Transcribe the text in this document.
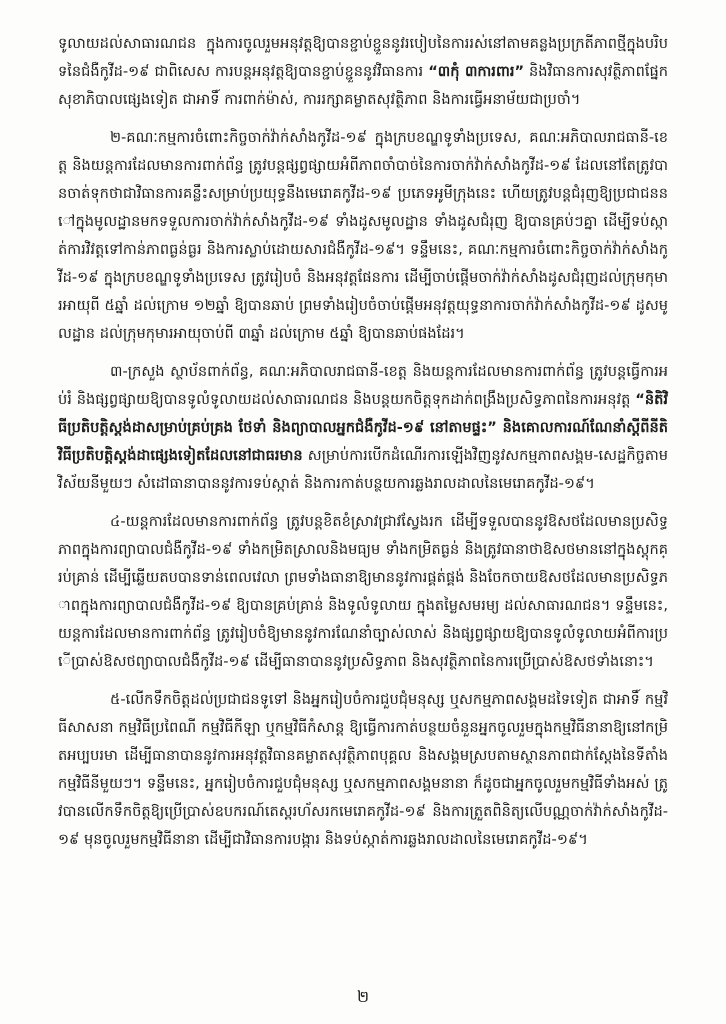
ទូលាយដល់សាធារណជន ក្នុងការចូលរួមអនុវត្តឱ្យបានខ្ជាប់ខ្ជួននូវរបៀបនៃការរស់នៅតាមគន្លងប្រក្រតីភាពថ្មីក្នុងបរិបទនៃជំងឺកូវីដ-១៩ ជាពិសេស ការបន្តអនុវត្តឱ្យបានខ្ជាប់ខ្ជួននូវវិធានការ “៣កុំ ៣ការពារ” និងវិធានការសុវត្ថិភាពផ្នែកសុខាភិបាលផ្សេងទៀត ជាអាទិ៍ ការពាក់ម៉ាស់, ការរក្សាគម្លាតសុវត្ថិភាព និងការធ្វើអនាម័យជាប្រចាំ។

២-គណៈកម្មការចំពោះកិច្ចចាក់វ៉ាក់សាំងកូវីដ-១៩ ក្នុងក្របខណ្ឌទូទាំងប្រទេស, គណៈអភិបាលរាជធានី-ខេត្ត និងយន្តការដែលមានការពាក់ព័ន្ធ ត្រូវបន្តផ្សព្វផ្សាយអំពីភាពចាំបាច់នៃការចាក់វ៉ាក់សាំងកូវីដ-១៩ ដែលនៅតែត្រូវបានចាត់ទុកថាជាវិធានការគន្លឹះសម្រាប់ប្រយុទ្ធនឹងមេរោគកូវីដ-១៩ ប្រភេទអូមីក្រុងនេះ ហើយត្រូវបន្តជំរុញឱ្យប្រជាជននៅក្នុងមូលដ្ឋានមកទទួលការចាក់វ៉ាក់សាំងកូវីដ-១៩ ទាំងដូសមូលដ្ឋាន ទាំងដូសជំរុញ ឱ្យបានគ្រប់ៗគ្នា ដើម្បីទប់ស្កាត់ការវិវត្តទៅកាន់ភាពធ្ងន់ធ្ងរ និងការស្លាប់ដោយសារជំងឺកូវីដ-១៩។ ទន្ទឹមនេះ, គណៈកម្មការចំពោះកិច្ចចាក់វ៉ាក់សាំងកូវីដ-១៩ ក្នុងក្របខណ្ឌទូទាំងប្រទេស ត្រូវរៀបចំ និងអនុវត្តផែនការ ដើម្បីចាប់ផ្ដើមចាក់វ៉ាក់សាំងដូសជំរុញដល់ក្រុមកុមារអាយុពី ៥ឆ្នាំ ដល់ក្រោម ១២ឆ្នាំ ឱ្យបានឆាប់ ព្រមទាំងរៀបចំចាប់ផ្ដើមអនុវត្តយុទ្ធនាការចាក់វ៉ាក់សាំងកូវីដ-១៩ ដូសមូលដ្ឋាន ដល់ក្រុមកុមារអាយុចាប់ពី ៣ឆ្នាំ ដល់ក្រោម ៥ឆ្នាំ ឱ្យបានឆាប់ផងដែរ។

៣-ក្រសួង ស្ថាប័នពាក់ព័ន្ធ, គណៈអភិបាលរាជធានី-ខេត្ត និងយន្តការដែលមានការពាក់ព័ន្ធ ត្រូវបន្តធ្វើការអប់រំ និងផ្សព្វផ្សាយឱ្យបានទូលំទូលាយដល់សាធារណជន និងបន្តយកចិត្តទុកដាក់ពង្រឹងប្រសិទ្ធភាពនៃការអនុវត្ត “និតិវិធីប្រតិបត្តិស្ដង់ដាសម្រាប់គ្រប់គ្រង ថែទាំ និងព្យាបាលអ្នកជំងឺកូវីដ-១៩ នៅតាមផ្ទះ” និងគោលការណ៍ណែនាំស្ដីពីនីតិវិធីប្រតិបត្តិស្ដង់ដាផ្សេងទៀតដែលនៅជាធរមាន សម្រាប់ការបើកដំណើរការឡើងវិញនូវសកម្មភាពសង្គម-សេដ្ឋកិច្ចតាមវិស័យនីមួយៗ សំដៅធានាបាននូវការទប់ស្កាត់ និងការកាត់បន្ថយការឆ្លងរាលដាលនៃមេរោគកូវីដ-១៩។

៤-យន្តការដែលមានការពាក់ព័ន្ធ ត្រូវបន្តខិតខំស្រាវជ្រាវស្វែងរក ដើម្បីទទួលបាននូវឱសថដែលមានប្រសិទ្ធភាពក្នុងការព្យាបាលជំងឺកូវីដ-១៩ ទាំងកម្រិតស្រាលនិងមធ្យម ទាំងកម្រិតធ្ងន់ និងត្រូវធានាថាឱសថមាននៅក្នុងស្តុកគ្រប់គ្រាន់ ដើម្បីឆ្លើយតបបានទាន់ពេលវេលា ព្រមទាំងធានាឱ្យមាននូវការផ្គត់ផ្គង់ និងចែកចាយឱសថដែលមានប្រសិទ្ធភាពក្នុងការព្យាបាលជំងឺកូវីដ-១៩ ឱ្យបានគ្រប់គ្រាន់ និងទូលំទូលាយ ក្នុងតម្លៃសមរម្យ ដល់សាធារណជន។ ទន្ទឹមនេះ, យន្តការដែលមានការពាក់ព័ន្ធ ត្រូវរៀបចំឱ្យមាននូវការណែនាំច្បាស់លាស់ និងផ្សព្វផ្សាយឱ្យបានទូលំទូលាយអំពីការប្រើប្រាស់ឱសថព្យាបាលជំងឺកូវីដ-១៩ ដើម្បីធានាបាននូវប្រសិទ្ធភាព និងសុវត្ថិភាពនៃការប្រើប្រាស់ឱសថទាំងនោះ។

៥-លើកទឹកចិត្តដល់ប្រជាជនទូទៅ និងអ្នករៀបចំការជួបជុំមនុស្ស ឬសកម្មភាពសង្គមដទៃទៀត ជាអាទិ៍ កម្មវិធីសាសនា កម្មវិធីប្រពៃណី កម្មវិធីកីឡា ឬកម្មវិធីកំសាន្ត ឱ្យធ្វើការកាត់បន្ថយចំនួនអ្នកចូលរួមក្នុងកម្មវិធីនានាឱ្យនៅកម្រិតអប្បបរមា ដើម្បីធានាបាននូវការអនុវត្តវិធានគម្លាតសុវត្ថិភាពបុគ្គល និងសង្គមស្របតាមស្ថានភាពជាក់ស្ដែងនៃទីតាំងកម្មវិធីនីមួយៗ។ ទន្ទឹមនេះ, អ្នករៀបចំការជួបជុំមនុស្ស ឬសកម្មភាពសង្គមនានា ក៏ដូចជាអ្នកចូលរួមកម្មវិធីទាំងអស់ ត្រូវបានលើកទឹកចិត្តឱ្យប្រើប្រាស់ឧបករណ៍តេស្តរហ័សរកមេរោគកូវីដ-១៩ និងការត្រួតពិនិត្យលើបណ្ណចាក់វ៉ាក់សាំងកូវីដ-១៩ មុនចូលរួមកម្មវិធីនានា ដើម្បីជាវិធានការបង្ការ និងទប់ស្កាត់ការឆ្លងរាលដាលនៃមេរោគកូវីដ-១៩។

២
